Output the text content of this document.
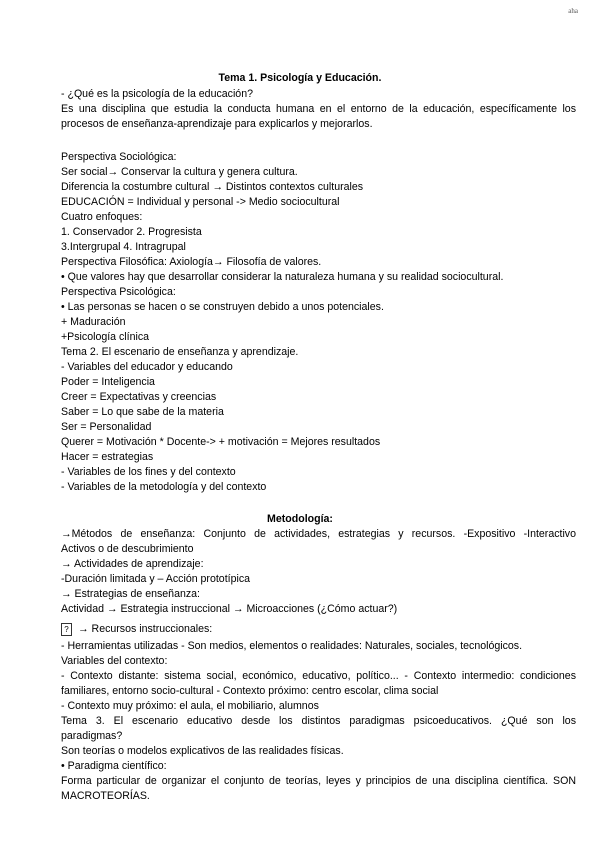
aha
Tema 1. Psicología y Educación.
- ¿Qué es la psicología de la educación?
Es una disciplina que estudia la conducta humana en el entorno de la educación, específicamente los
procesos de enseñanza-aprendizaje para explicarlos y mejorarlos.
Perspectiva Sociológica:
Ser social→ Conservar la cultura y genera cultura.
Diferencia la costumbre cultural → Distintos contextos culturales
EDUCACIÓN = Individual y personal -> Medio sociocultural
Cuatro enfoques:
1. Conservador 2. Progresista
3.Intergrupal 4. Intragrupal
Perspectiva Filosófica: Axiología→ Filosofía de valores.
• Que valores hay que desarrollar considerar la naturaleza humana y su realidad sociocultural.
Perspectiva Psicológica:
• Las personas se hacen o se construyen debido a unos potenciales.
+ Maduración
+Psicología clínica
Tema 2. El escenario de enseñanza y aprendizaje.
- Variables del educador y educando
Poder = Inteligencia
Creer = Expectativas y creencias
Saber = Lo que sabe de la materia
Ser = Personalidad
Querer = Motivación * Docente-> + motivación = Mejores resultados
Hacer = estrategias
- Variables de los fines y del contexto
- Variables de la metodología y del contexto
Metodología:
→Métodos de enseñanza: Conjunto de actividades, estrategias y recursos. -Expositivo -Interactivo
Activos o de descubrimiento
→ Actividades de aprendizaje:
-Duración limitada y – Acción prototípica
→ Estrategias de enseñanza:
Actividad → Estrategia instruccional → Microacciones (¿Cómo actuar?)
? → Recursos instruccionales:
- Herramientas utilizadas - Son medios, elementos o realidades: Naturales, sociales, tecnológicos.
Variables del contexto:
- Contexto distante: sistema social, económico, educativo, político... - Contexto intermedio: condiciones
familiares, entorno socio-cultural - Contexto próximo: centro escolar, clima social
- Contexto muy próximo: el aula, el mobiliario, alumnos
Tema 3. El escenario educativo desde los distintos paradigmas psicoeducativos. ¿Qué son los
paradigmas?
Son teorías o modelos explicativos de las realidades físicas.
• Paradigma científico:
Forma particular de organizar el conjunto de teorías, leyes y principios de una disciplina científica. SON
MACROTEORÍAS.
